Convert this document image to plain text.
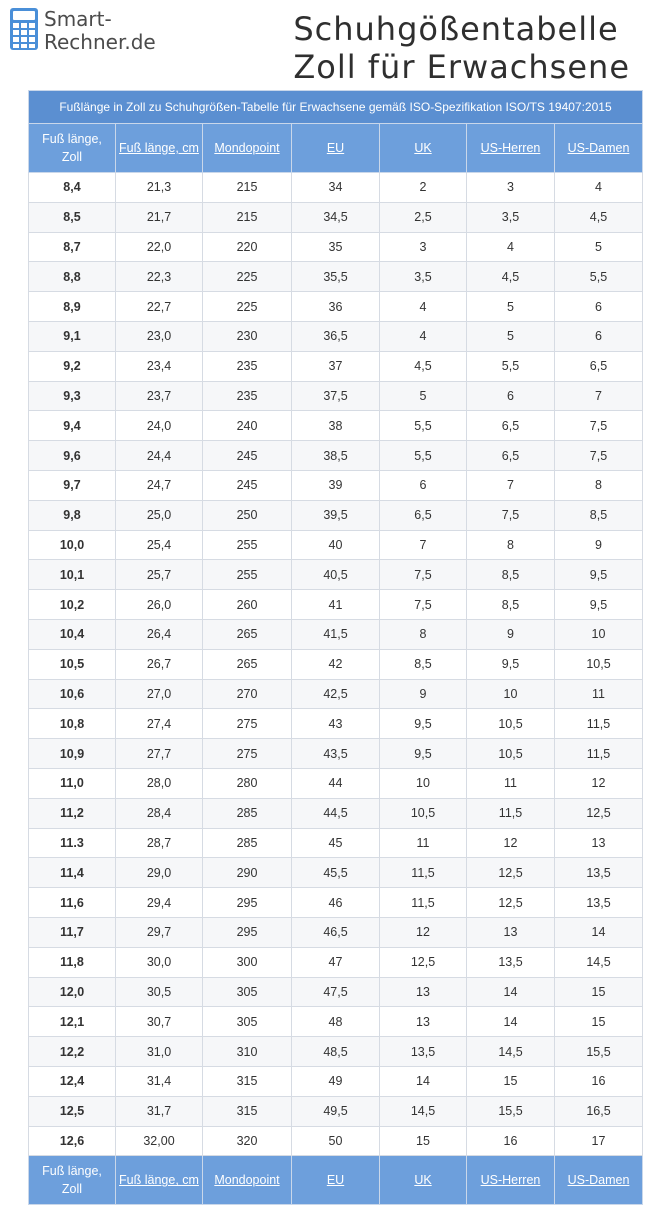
Smart-
Rechner.de	Schuhgößentabelle
Zoll für Erwachsene
Fußlänge in Zoll zu Schuhgrößen-Tabelle für Erwachsene gemäß ISO-Spezifikation ISO/TS 19407:2015						
Fuß länge, Zoll	Fuß länge, cm	Mondopoint	EU	UK	US-Herren	US-Damen
8,4	21,3	215	34	2	3	4
8,5	21,7	215	34,5	2,5	3,5	4,5
8,7	22,0	220	35	3	4	5
8,8	22,3	225	35,5	3,5	4,5	5,5
8,9	22,7	225	36	4	5	6
9,1	23,0	230	36,5	4	5	6
9,2	23,4	235	37	4,5	5,5	6,5
9,3	23,7	235	37,5	5	6	7
9,4	24,0	240	38	5,5	6,5	7,5
9,6	24,4	245	38,5	5,5	6,5	7,5
9,7	24,7	245	39	6	7	8
9,8	25,0	250	39,5	6,5	7,5	8,5
10,0	25,4	255	40	7	8	9
10,1	25,7	255	40,5	7,5	8,5	9,5
10,2	26,0	260	41	7,5	8,5	9,5
10,4	26,4	265	41,5	8	9	10
10,5	26,7	265	42	8,5	9,5	10,5
10,6	27,0	270	42,5	9	10	11
10,8	27,4	275	43	9,5	10,5	11,5
10,9	27,7	275	43,5	9,5	10,5	11,5
11,0	28,0	280	44	10	11	12
11,2	28,4	285	44,5	10,5	11,5	12,5
11.3	28,7	285	45	11	12	13
11,4	29,0	290	45,5	11,5	12,5	13,5
11,6	29,4	295	46	11,5	12,5	13,5
11,7	29,7	295	46,5	12	13	14
11,8	30,0	300	47	12,5	13,5	14,5
12,0	30,5	305	47,5	13	14	15
12,1	30,7	305	48	13	14	15
12,2	31,0	310	48,5	13,5	14,5	15,5
12,4	31,4	315	49	14	15	16
12,5	31,7	315	49,5	14,5	15,5	16,5
12,6	32,00	320	50	15	16	17
Fuß länge, Zoll	Fuß länge, cm	Mondopoint	EU	UK	US-Herren	US-Damen
